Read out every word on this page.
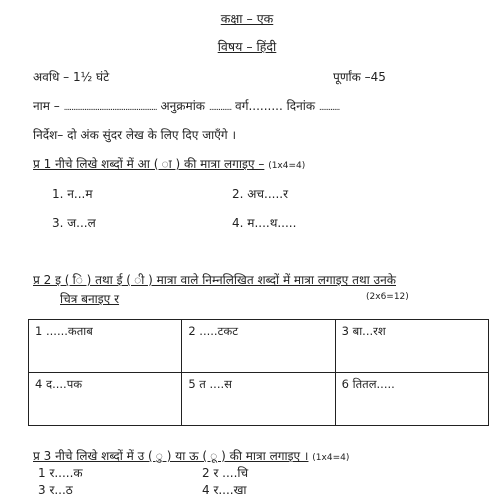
कक्षा – एक
विषय – हिंदी
अवधि – 1½ घंटे	पूर्णांक –45
नाम – .................................................. अनुक्रमांक ............ वर्ग......... दिनांक ...........
निर्देश– दो अंक सुंदर लेख के लिए दिए जाएँगे ।
प्र 1 नीचे लिखे शब्दों में आ ( ा ) की मात्रा लगाइए – (1x4=4)
1. न...म	2. अच.....र
3. ज...ल	4. म....थ.....
प्र 2 इ ( ि ) तथा ई ( ी ) मात्रा वाले निम्नलिखित शब्दों में मात्रा लगाइए तथा उनके
चित्र बनाइए र	(2x6=12)
1 ......कताब	2 .....टकट	3 बा...रश
4 द....पक	5 त ....स	6 तितल.....
प्र 3 नीचे लिखे शब्दों में उ ( ु ) या ऊ ( ू ) की मात्रा लगाइए । (1x4=4)
1 र.....क	2 र ....चि
3 र...ठ	4 र....खा
